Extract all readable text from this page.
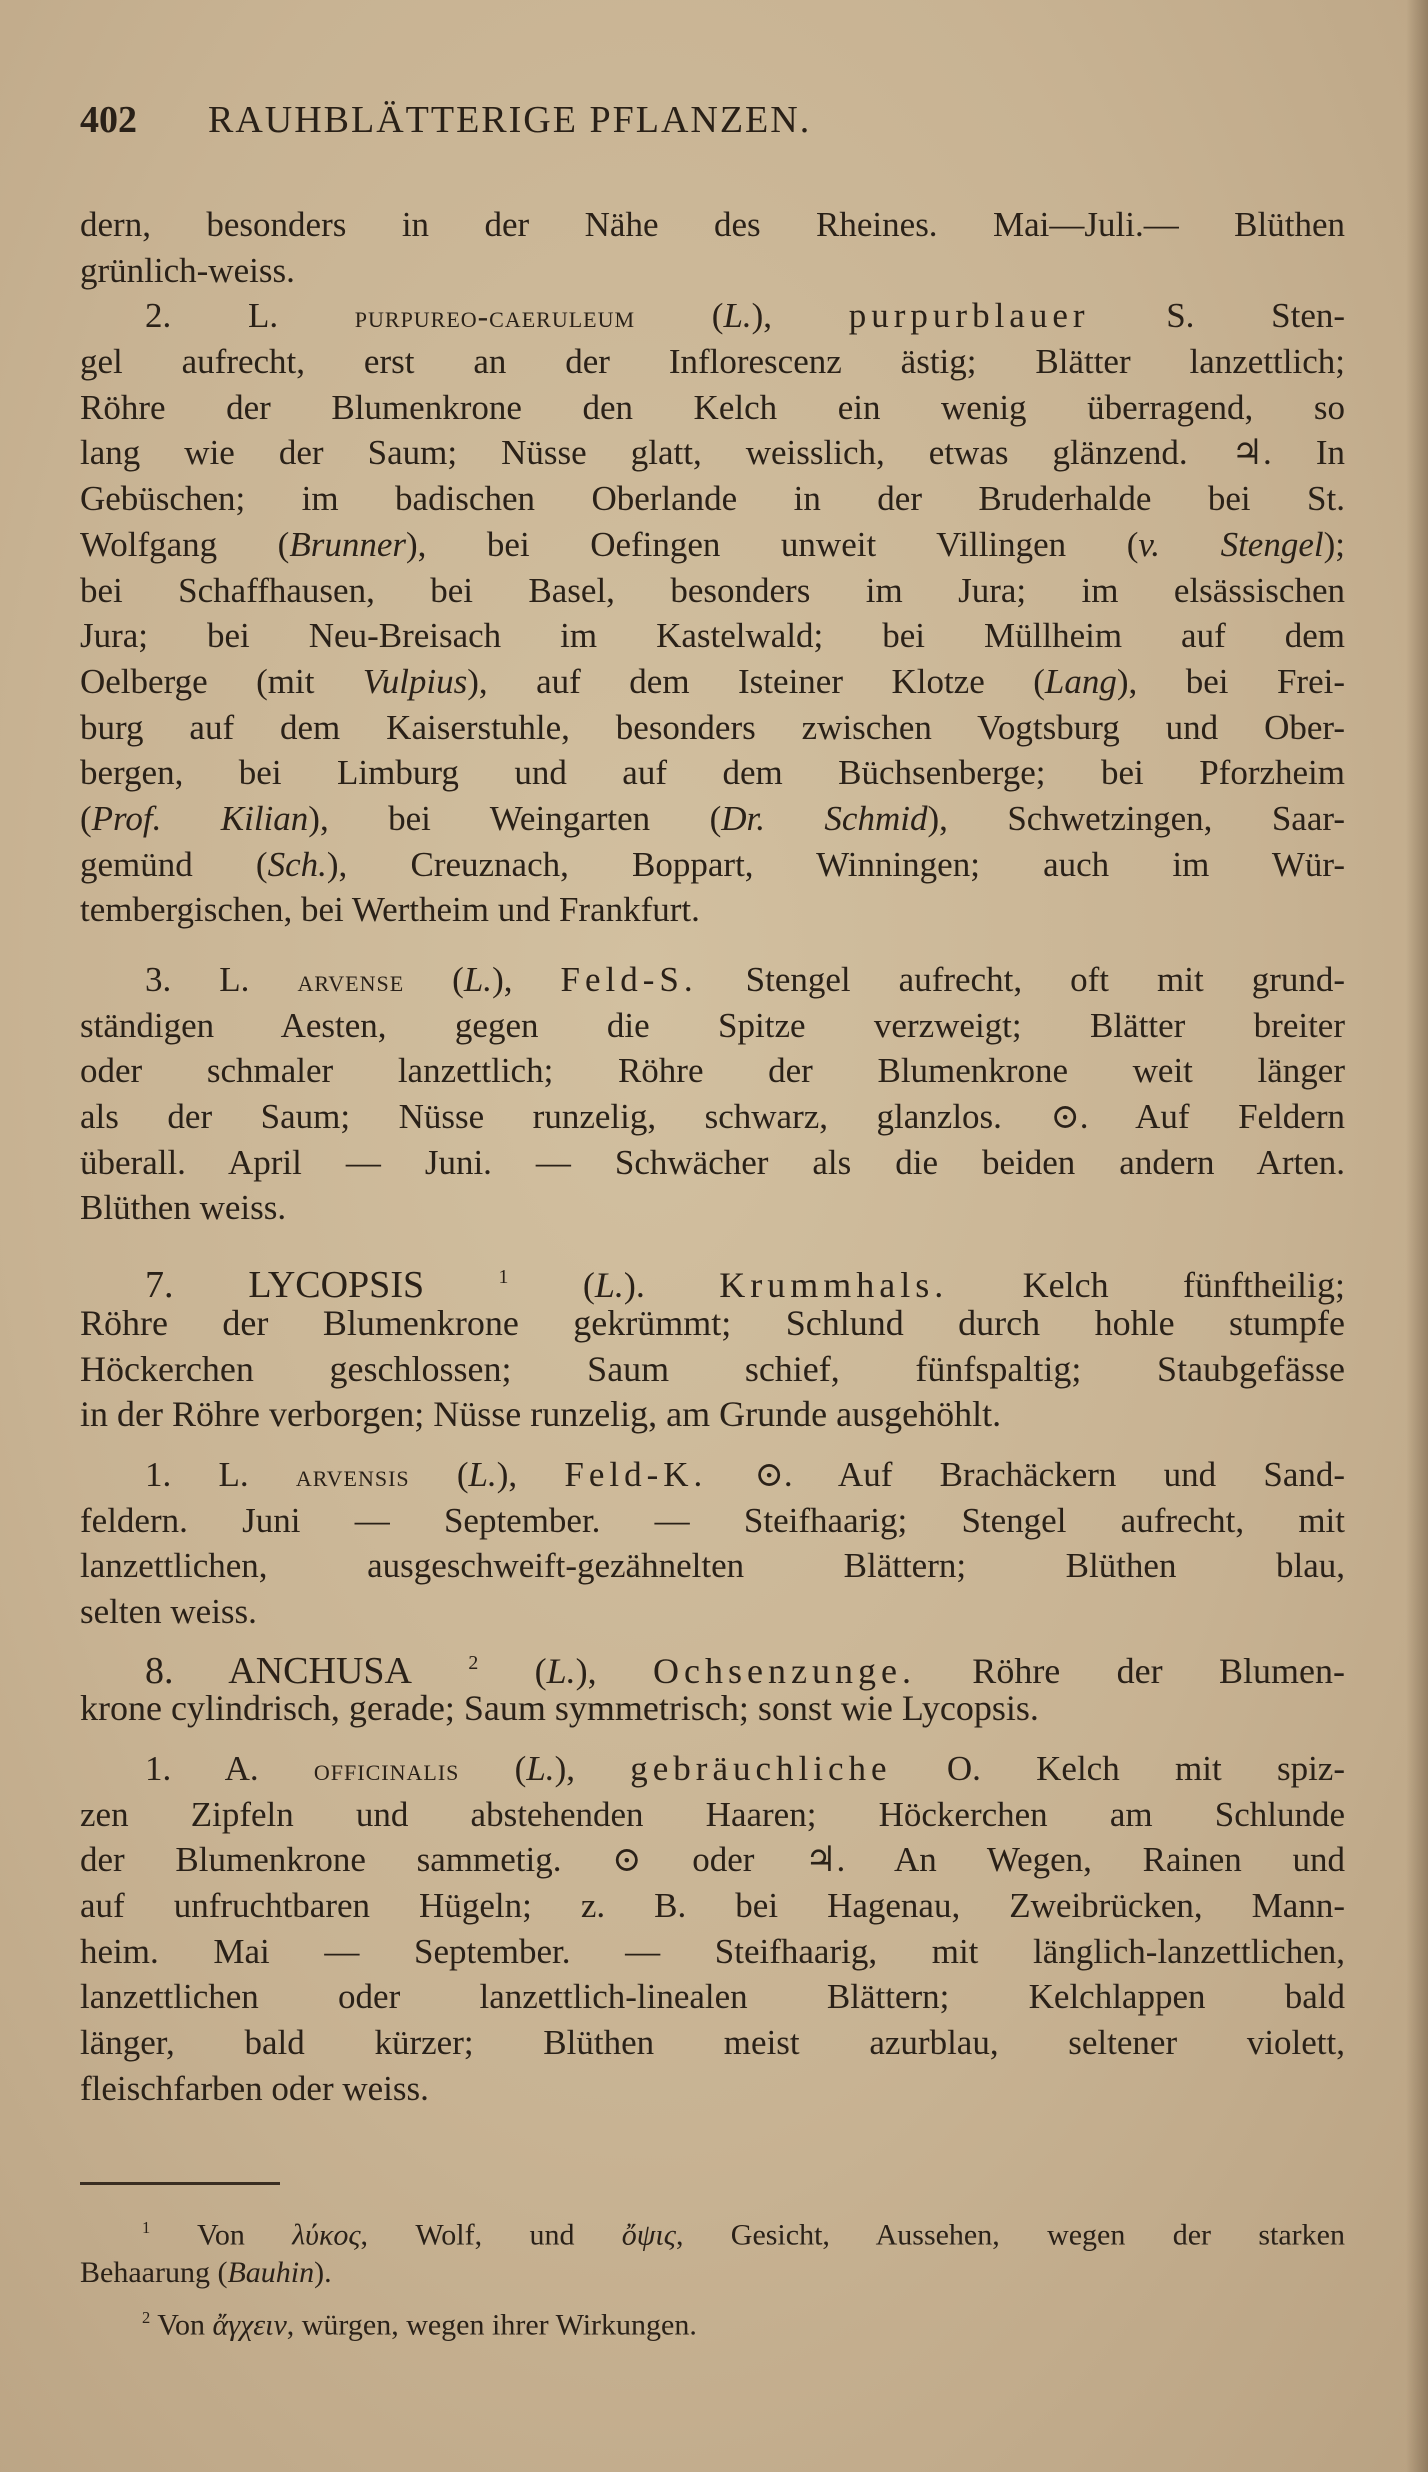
402 RAUHBLÄTTERIGE PFLANZEN.
dern, besonders in der Nähe des Rheines. Mai—Juli.— Blüthen
grünlich-weiss.
2. L. purpureo-caeruleum (L.), purpurblauer S. Sten-
gel aufrecht, erst an der Inflorescenz ästig; Blätter lanzettlich;
Röhre der Blumenkrone den Kelch ein wenig überragend, so
lang wie der Saum; Nüsse glatt, weisslich, etwas glänzend. ♃. In
Gebüschen; im badischen Oberlande in der Bruderhalde bei St.
Wolfgang (Brunner), bei Oefingen unweit Villingen (v. Stengel);
bei Schaffhausen, bei Basel, besonders im Jura; im elsässischen
Jura; bei Neu-Breisach im Kastelwald; bei Müllheim auf dem
Oelberge (mit Vulpius), auf dem Isteiner Klotze (Lang), bei Frei-
burg auf dem Kaiserstuhle, besonders zwischen Vogtsburg und Ober-
bergen, bei Limburg und auf dem Büchsenberge; bei Pforzheim
(Prof. Kilian), bei Weingarten (Dr. Schmid), Schwetzingen, Saar-
gemünd (Sch.), Creuznach, Boppart, Winningen; auch im Wür-
tembergischen, bei Wertheim und Frankfurt.
3. L. arvense (L.), Feld-S. Stengel aufrecht, oft mit grund-
ständigen Aesten, gegen die Spitze verzweigt; Blätter breiter
oder schmaler lanzettlich; Röhre der Blumenkrone weit länger
als der Saum; Nüsse runzelig, schwarz, glanzlos. ⊙. Auf Feldern
überall. April — Juni. — Schwächer als die beiden andern Arten.
Blüthen weiss.
7. LYCOPSIS	$^1$ (L.). Krummhals. Kelch fünftheilig;
Röhre der Blumenkrone gekrümmt; Schlund durch hohle stumpfe
Höckerchen geschlossen; Saum schief, fünfspaltig; Staubgefässe
in der Röhre verborgen; Nüsse runzelig, am Grunde ausgehöhlt.
1. L. arvensis (L.), Feld-K. ⊙. Auf Brachäckern und Sand-
feldern. Juni — September. — Steifhaarig; Stengel aufrecht, mit
lanzettlichen, ausgeschweift-gezähnelten Blättern; Blüthen blau,
selten weiss.
8. ANCHUSA	$^2$ (L.), Ochsenzunge. Röhre der Blumen-
krone cylindrisch, gerade; Saum symmetrisch; sonst wie Lycopsis.
1. A. officinalis (L.), gebräuchliche O. Kelch mit spiz-
zen Zipfeln und abstehenden Haaren; Höckerchen am Schlunde
der Blumenkrone sammetig. ⊙ oder ♃. An Wegen, Rainen und
auf unfruchtbaren Hügeln; z. B. bei Hagenau, Zweibrücken, Mann-
heim. Mai — September. — Steifhaarig, mit länglich-lanzettlichen,
lanzettlichen oder lanzettlich-linealen Blättern; Kelchlappen bald
länger, bald kürzer; Blüthen meist azurblau, seltener violett,
fleischfarben oder weiss.
$^1$ Von λύκος, Wolf, und ὄψις, Gesicht, Aussehen, wegen der starken
Behaarung (Bauhin).
$^2$ Von ἄγχειν, würgen, wegen ihrer Wirkungen.
